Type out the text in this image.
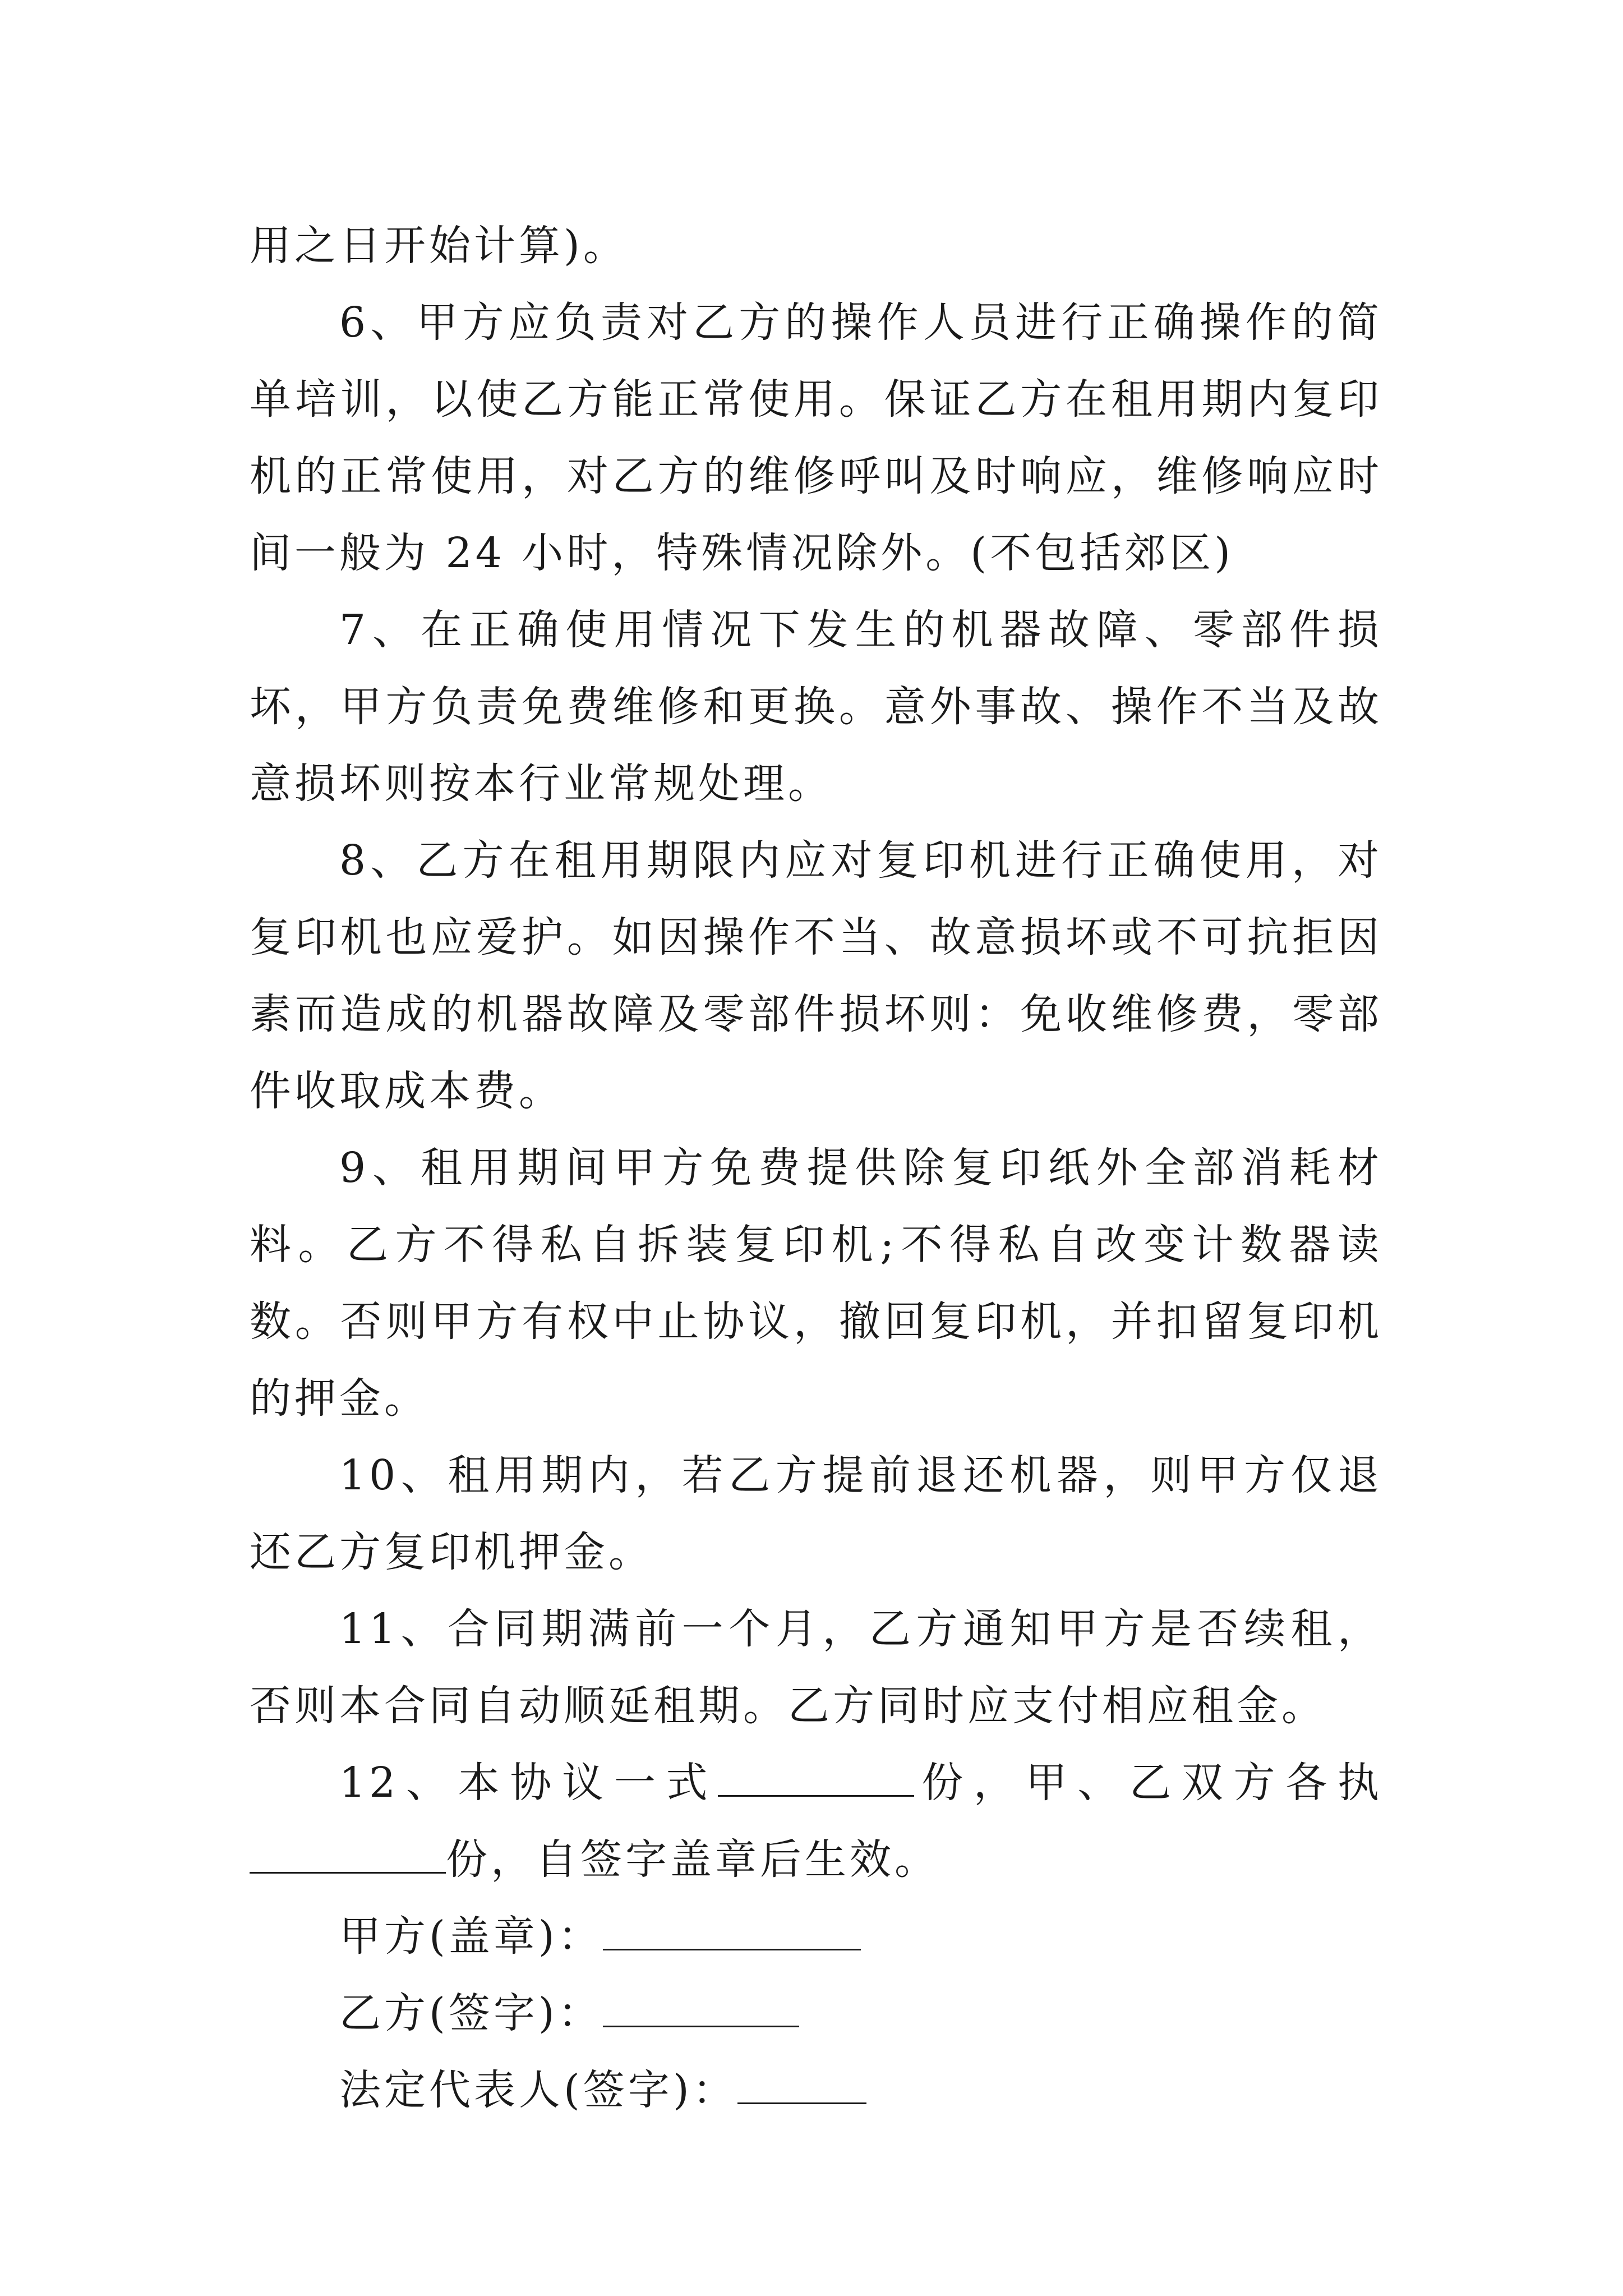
用之日开始计算)。

6、甲方应负责对乙方的操作人员进行正确操作的简单培训，以使乙方能正常使用。保证乙方在租用期内复印机的正常使用，对乙方的维修呼叫及时响应，维修响应时间一般为 24 小时，特殊情况除外。(不包括郊区)

7、在正确使用情况下发生的机器故障、零部件损坏，甲方负责免费维修和更换。意外事故、操作不当及故意损坏则按本行业常规处理。

8、乙方在租用期限内应对复印机进行正确使用，对复印机也应爱护。如因操作不当、故意损坏或不可抗拒因素而造成的机器故障及零部件损坏则：免收维修费，零部件收取成本费。

9、租用期间甲方免费提供除复印纸外全部消耗材料。乙方不得私自拆装复印机;不得私自改变计数器读数。否则甲方有权中止协议，撤回复印机，并扣留复印机的押金。

10、租用期内，若乙方提前退还机器，则甲方仅退还乙方复印机押金。

11、合同期满前一个月，乙方通知甲方是否续租，否则本合同自动顺延租期。乙方同时应支付相应租金。

12、本协议一式	份，甲、乙双方各执份，自签字盖章后生效。

甲方(盖章)：

乙方(签字)：

法定代表人(签字)：
